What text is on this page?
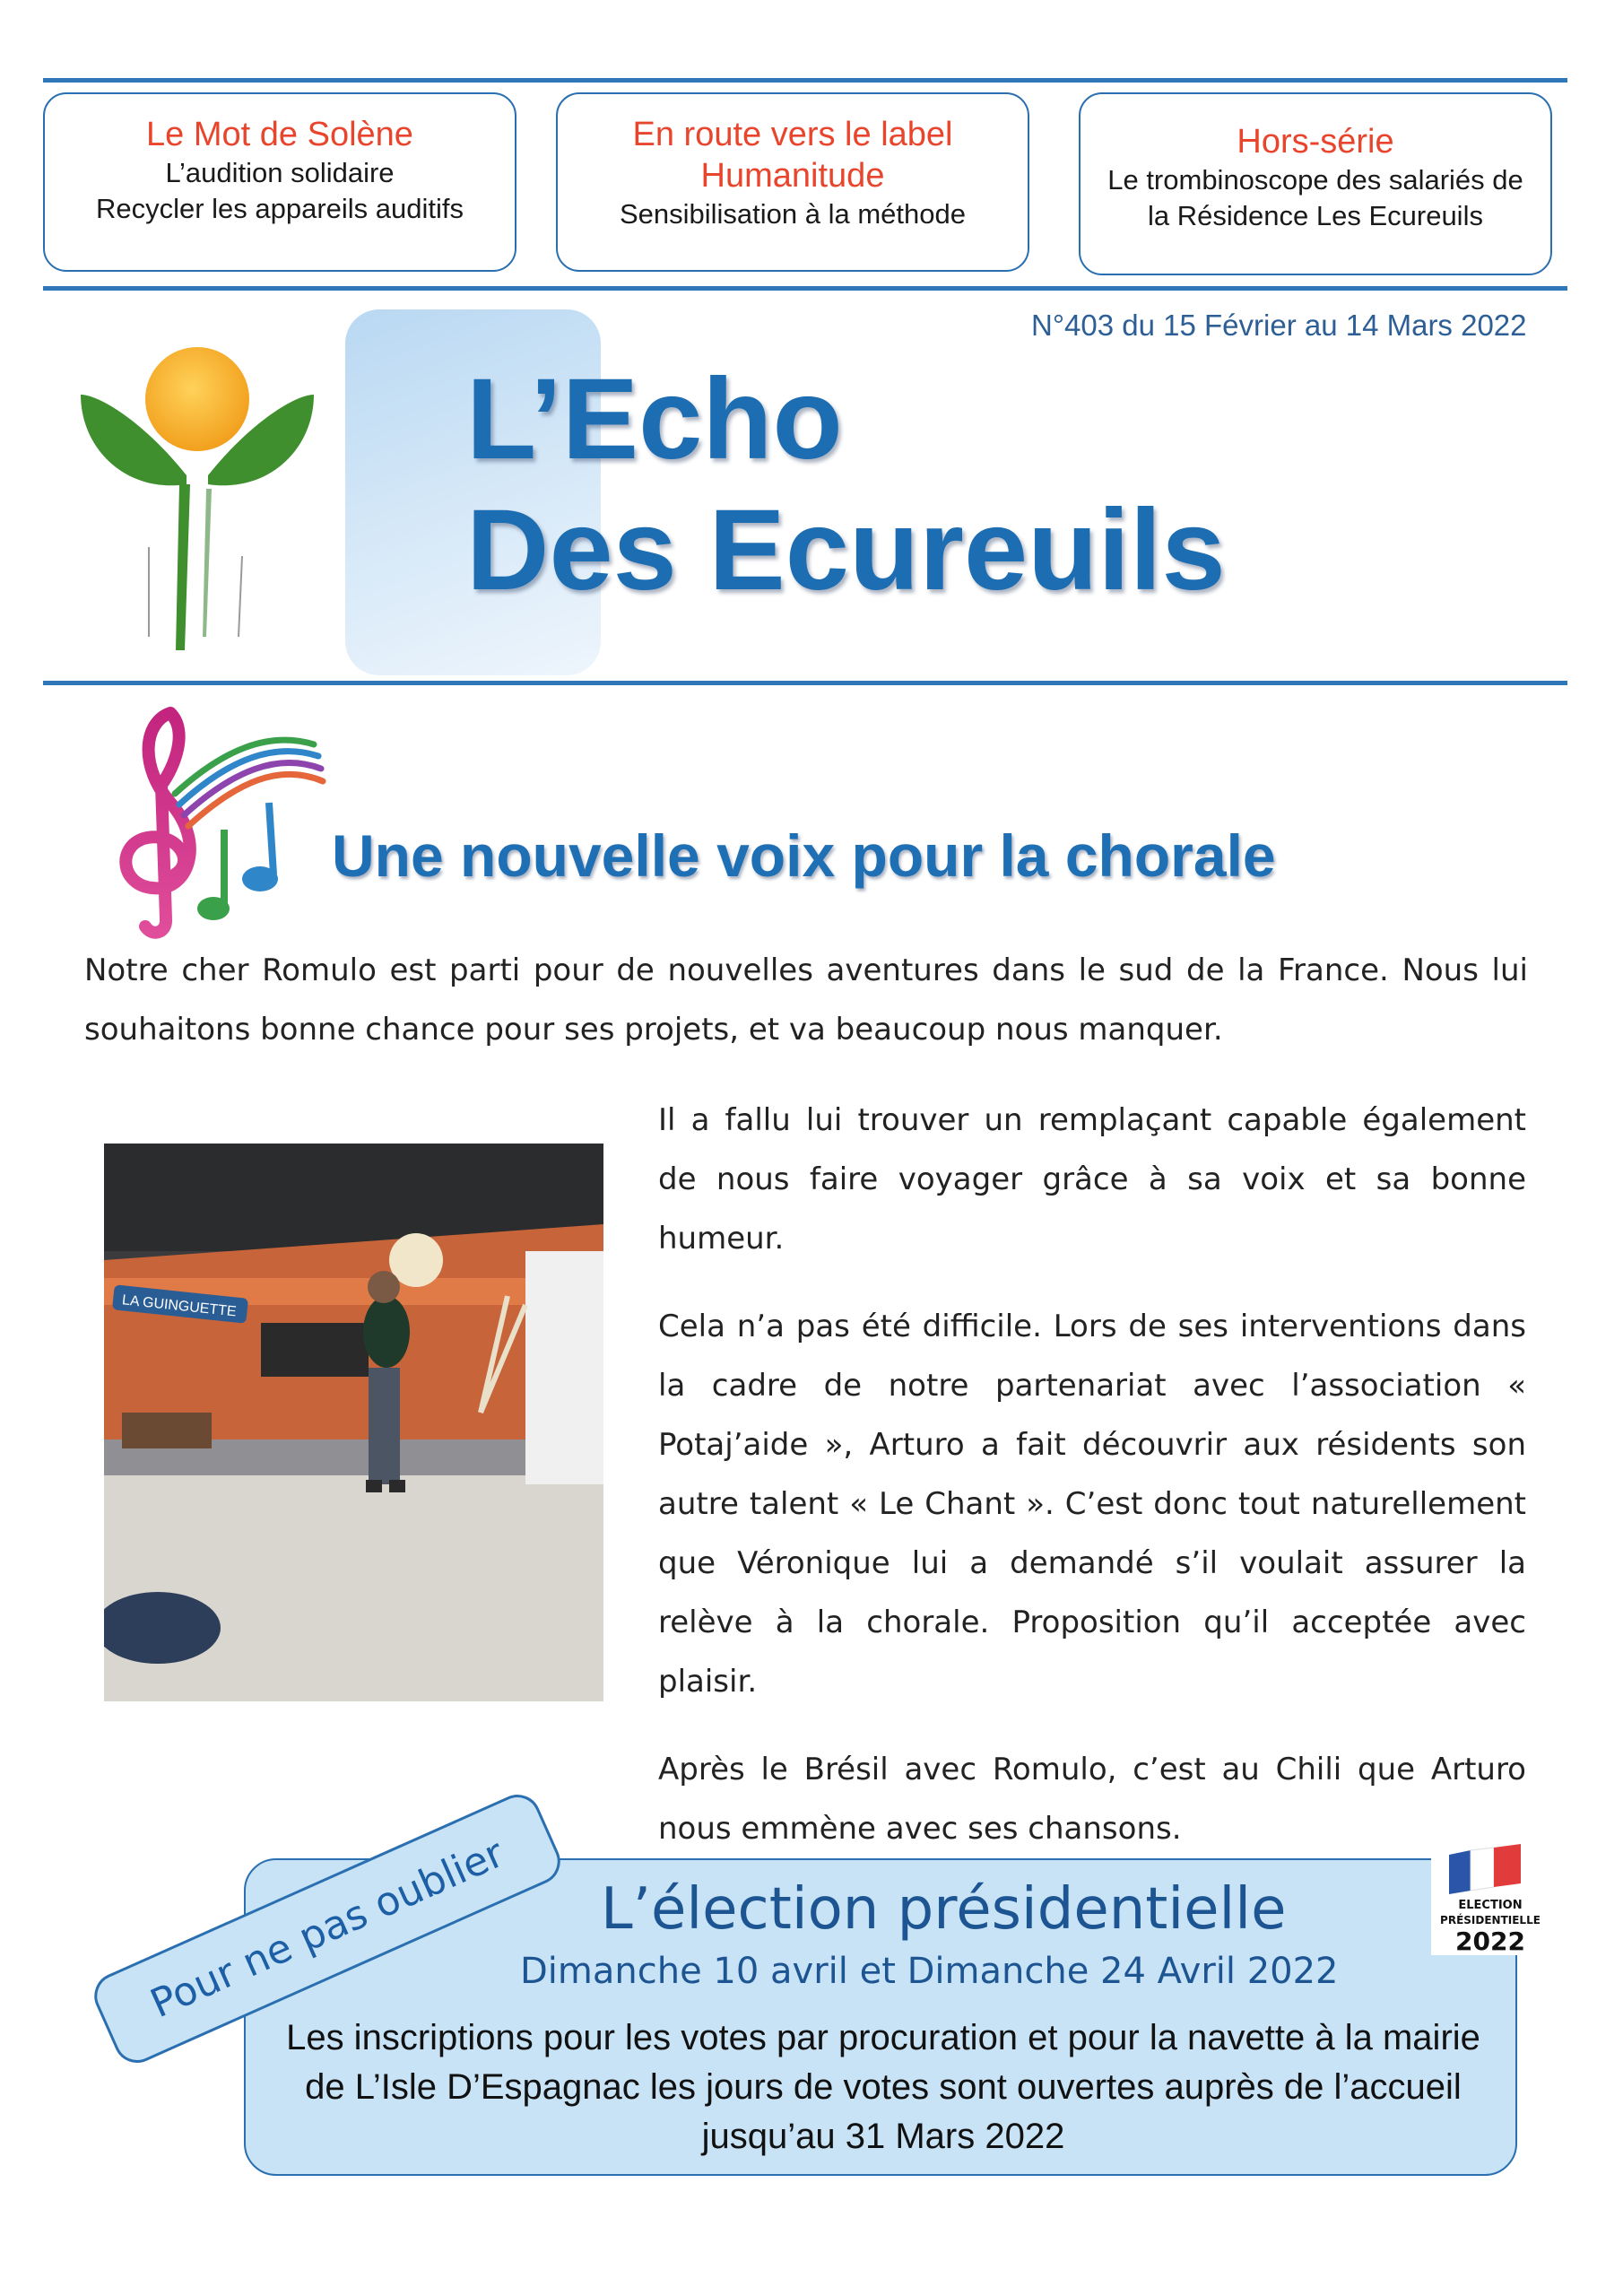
Le Mot de Solène
L’audition solidaire
Recycler les appareils auditifs
En route vers le label Humanitude
Sensibilisation à la méthode
Hors-série
Le trombinoscope des salariés de
la Résidence Les Ecureuils
N°403 du 15 Février au 14 Mars 2022
L’Echo
Des Ecureuils
Une nouvelle voix pour la chorale
Notre cher Romulo est parti pour de nouvelles aventures dans le sud de la France. Nous lui souhaitons bonne chance pour ses projets, et va beaucoup nous manquer.
LA GUINGUETTE

Il a fallu lui trouver un remplaçant capable également de nous faire voyager grâce à sa voix et sa bonne humeur.

Cela n’a pas été difficile. Lors de ses interventions dans la cadre de notre partenariat avec l’association « Potaj’aide », Arturo a fait découvrir aux résidents son autre talent « Le Chant ». C’est donc tout naturellement que Véronique lui a demandé s’il voulait assurer la relève à la chorale. Proposition qu’il acceptée avec plaisir.

Après le Brésil avec Romulo, c’est au Chili que Arturo nous emmène avec ses chansons.

Pour ne pas oublier	L’élection présidentielle
Dimanche 10 avril et Dimanche 24 Avril 2022
Les inscriptions pour les votes par procuration et pour la navette à la mairie de L’Isle D’Espagnac les jours de votes sont ouvertes auprès de l’accueil jusqu’au 31 Mars 2022
ELECTION
PRÉSIDENTIELLE
2022
